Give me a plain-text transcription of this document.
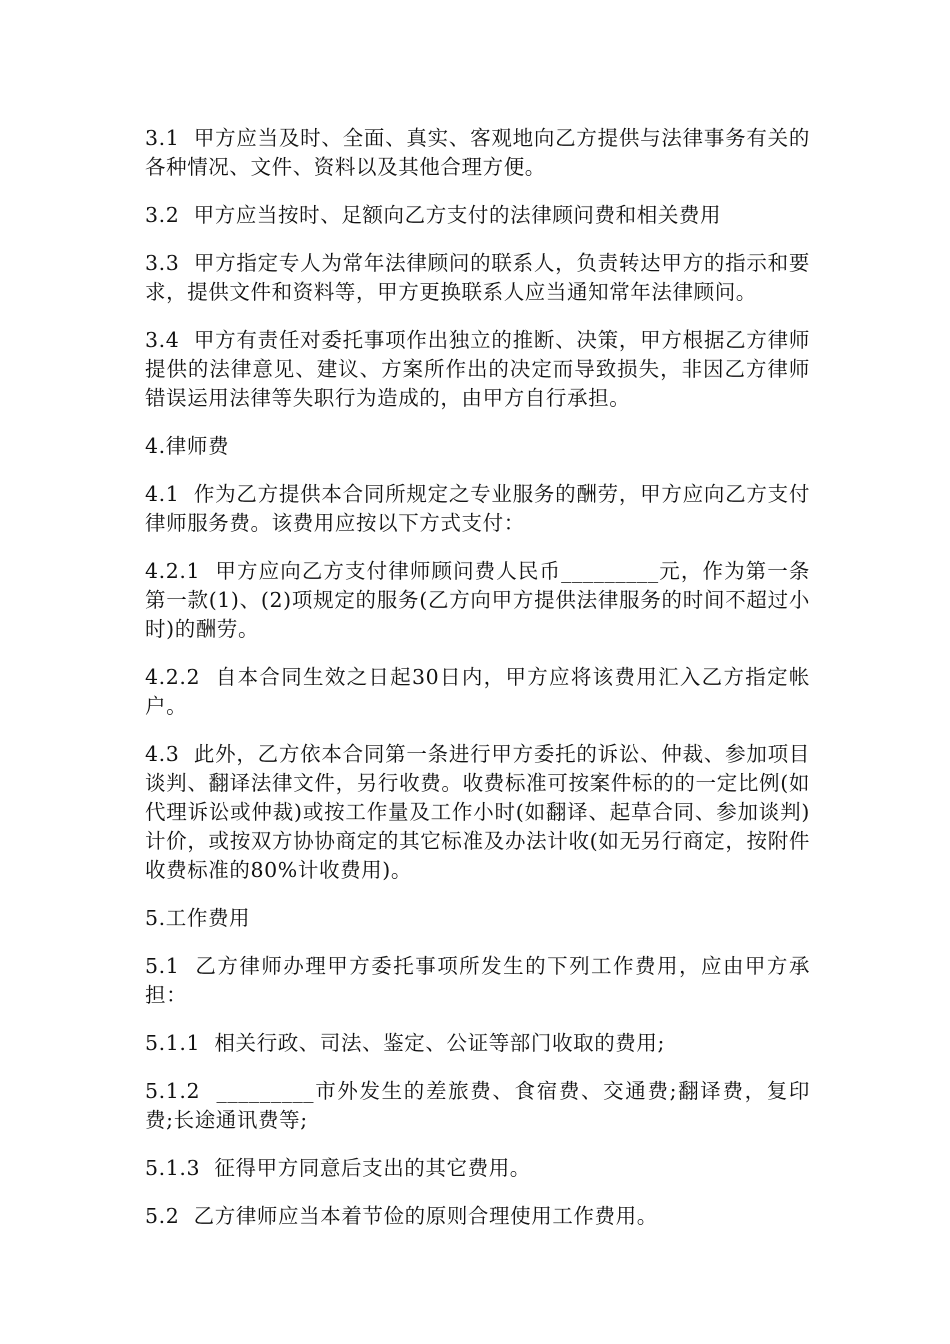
3.1  甲方应当及时、全面、真实、客观地向乙方提供与法律事务有关的各种情况、文件、资料以及其他合理方便。

3.2  甲方应当按时、足额向乙方支付的法律顾问费和相关费用

3.3  甲方指定专人为常年法律顾问的联系人，负责转达甲方的指示和要求，提供文件和资料等，甲方更换联系人应当通知常年法律顾问。

3.4  甲方有责任对委托事项作出独立的推断、决策，甲方根据乙方律师提供的法律意见、建议、方案所作出的决定而导致损失，非因乙方律师错误运用法律等失职行为造成的，由甲方自行承担。

4.律师费

4.1  作为乙方提供本合同所规定之专业服务的酬劳，甲方应向乙方支付律师服务费。该费用应按以下方式支付：

4.2.1  甲方应向乙方支付律师顾问费人民币_________元，作为第一条第一款(1)、(2)项规定的服务(乙方向甲方提供法律服务的时间不超过小时)的酬劳。

4.2.2  自本合同生效之日起30日内，甲方应将该费用汇入乙方指定帐户。

4.3  此外，乙方依本合同第一条进行甲方委托的诉讼、仲裁、参加项目谈判、翻译法律文件，另行收费。收费标准可按案件标的的一定比例(如代理诉讼或仲裁)或按工作量及工作小时(如翻译、起草合同、参加谈判)计价，或按双方协协商定的其它标准及办法计收(如无另行商定，按附件收费标准的80%计收费用)。

5.工作费用

5.1  乙方律师办理甲方委托事项所发生的下列工作费用，应由甲方承担：

5.1.1  相关行政、司法、鉴定、公证等部门收取的费用;

5.1.2  _________市外发生的差旅费、食宿费、交通费;翻译费，复印费;长途通讯费等;

5.1.3  征得甲方同意后支出的其它费用。

5.2  乙方律师应当本着节俭的原则合理使用工作费用。
